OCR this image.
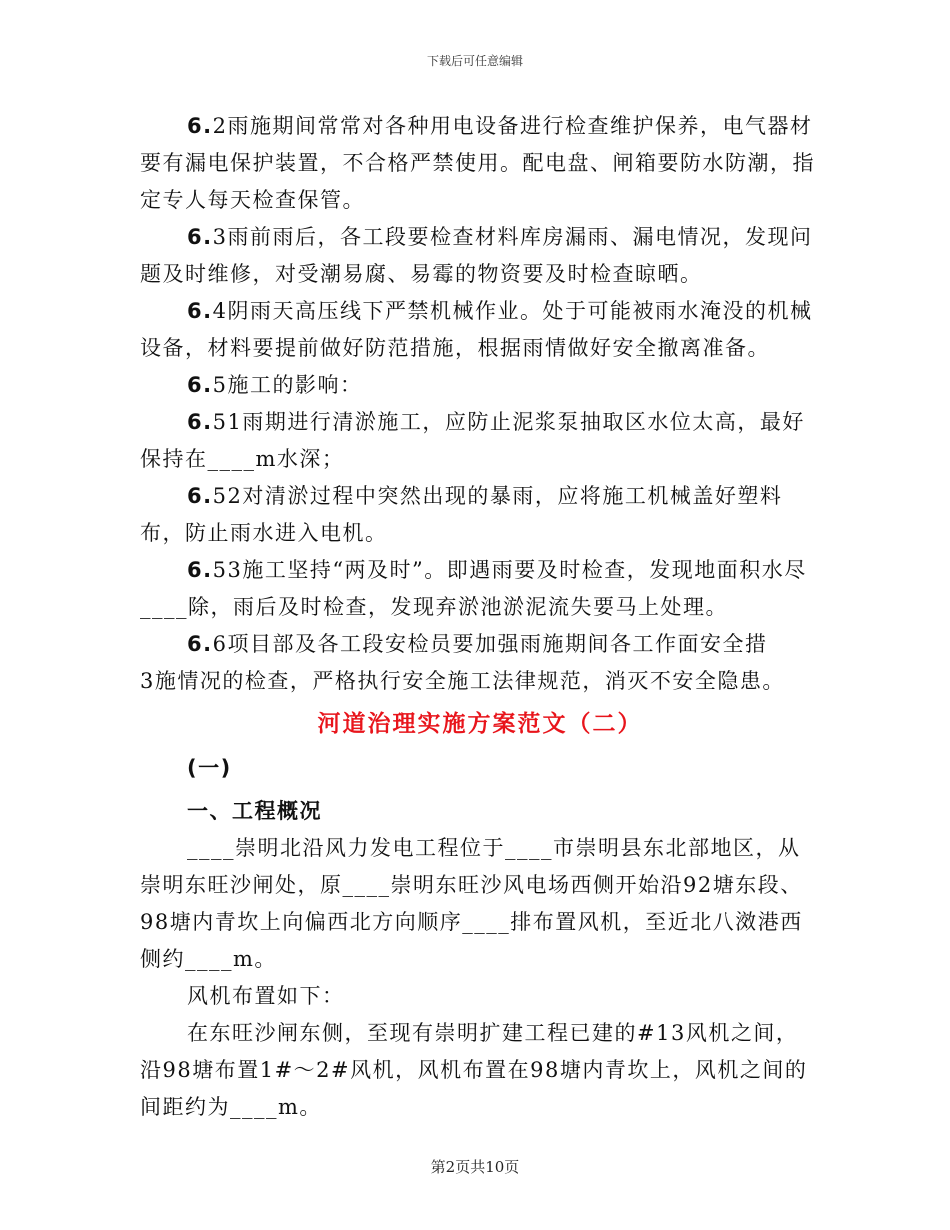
下载后可任意编辑

6.2雨施期间常常对各种用电设备进行检查维护保养，电气器材要有漏电保护装置，不合格严禁使用。配电盘、闸箱要防水防潮，指定专人每天检查保管。

6.3雨前雨后，各工段要检查材料库房漏雨、漏电情况，发现问题及时维修，对受潮易腐、易霉的物资要及时检查晾晒。

6.4阴雨天高压线下严禁机械作业。处于可能被雨水淹没的机械设备，材料要提前做好防范措施，根据雨情做好安全撤离准备。

6.5施工的影响：

6.51雨期进行清淤施工，应防止泥浆泵抽取区水位太高，最好保持在____m水深；

6.52对清淤过程中突然出现的暴雨，应将施工机械盖好塑料布，防止雨水进入电机。

6.53施工坚持“两及时”。即遇雨要及时检查，发现地面积水尽____除，雨后及时检查，发现弃淤池淤泥流失要马上处理。

6.6项目部及各工段安检员要加强雨施期间各工作面安全措

3施情况的检查，严格执行安全施工法律规范，消灭不安全隐患。

河道治理实施方案范文（二）

(一)

一、工程概况

____崇明北沿风力发电工程位于____市崇明县东北部地区，从崇明东旺沙闸处，原____崇明东旺沙风电场西侧开始沿92塘东段、98塘内青坎上向偏西北方向顺序____排布置风机，至近北八滧港西侧约____m。

风机布置如下：

在东旺沙闸东侧，至现有崇明扩建工程已建的#13风机之间，沿98塘布置1#～2#风机，风机布置在98塘内青坎上，风机之间的间距约为____m。

第2页共10页
